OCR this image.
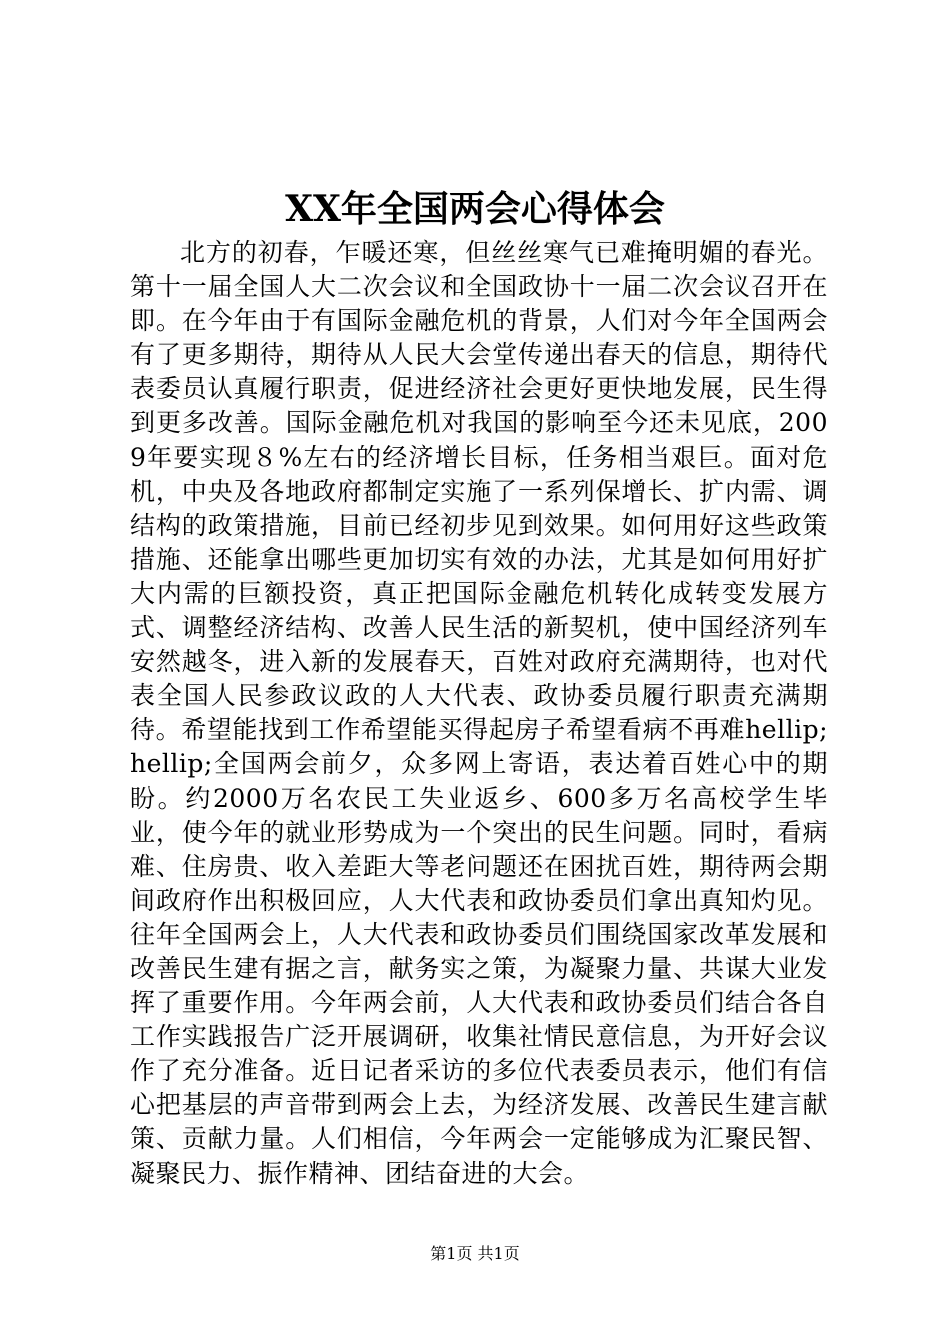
XX年全国两会心得体会

北方的初春，乍暖还寒，但丝丝寒气已难掩明媚的春光。第十一届全国人大二次会议和全国政协十一届二次会议召开在即。在今年由于有国际金融危机的背景，人们对今年全国两会有了更多期待，期待从人民大会堂传递出春天的信息，期待代表委员认真履行职责，促进经济社会更好更快地发展，民生得到更多改善。国际金融危机对我国的影响至今还未见底，2009年要实现８%左右的经济增长目标，任务相当艰巨。面对危机，中央及各地政府都制定实施了一系列保增长、扩内需、调结构的政策措施，目前已经初步见到效果。如何用好这些政策措施、还能拿出哪些更加切实有效的办法，尤其是如何用好扩大内需的巨额投资，真正把国际金融危机转化成转变发展方式、调整经济结构、改善人民生活的新契机，使中国经济列车安然越冬，进入新的发展春天，百姓对政府充满期待，也对代表全国人民参政议政的人大代表、政协委员履行职责充满期待。希望能找到工作希望能买得起房子希望看病不再难hellip;hellip;全国两会前夕，众多网上寄语，表达着百姓心中的期盼。约2000万名农民工失业返乡、600多万名高校学生毕业，使今年的就业形势成为一个突出的民生问题。同时，看病难、住房贵、收入差距大等老问题还在困扰百姓，期待两会期间政府作出积极回应，人大代表和政协委员们拿出真知灼见。往年全国两会上，人大代表和政协委员们围绕国家改革发展和改善民生建有据之言，献务实之策，为凝聚力量、共谋大业发挥了重要作用。今年两会前，人大代表和政协委员们结合各自工作实践报告广泛开展调研，收集社情民意信息，为开好会议作了充分准备。近日记者采访的多位代表委员表示，他们有信心把基层的声音带到两会上去，为经济发展、改善民生建言献策、贡献力量。人们相信，今年两会一定能够成为汇聚民智、凝聚民力、振作精神、团结奋进的大会。

第1页 共1页
